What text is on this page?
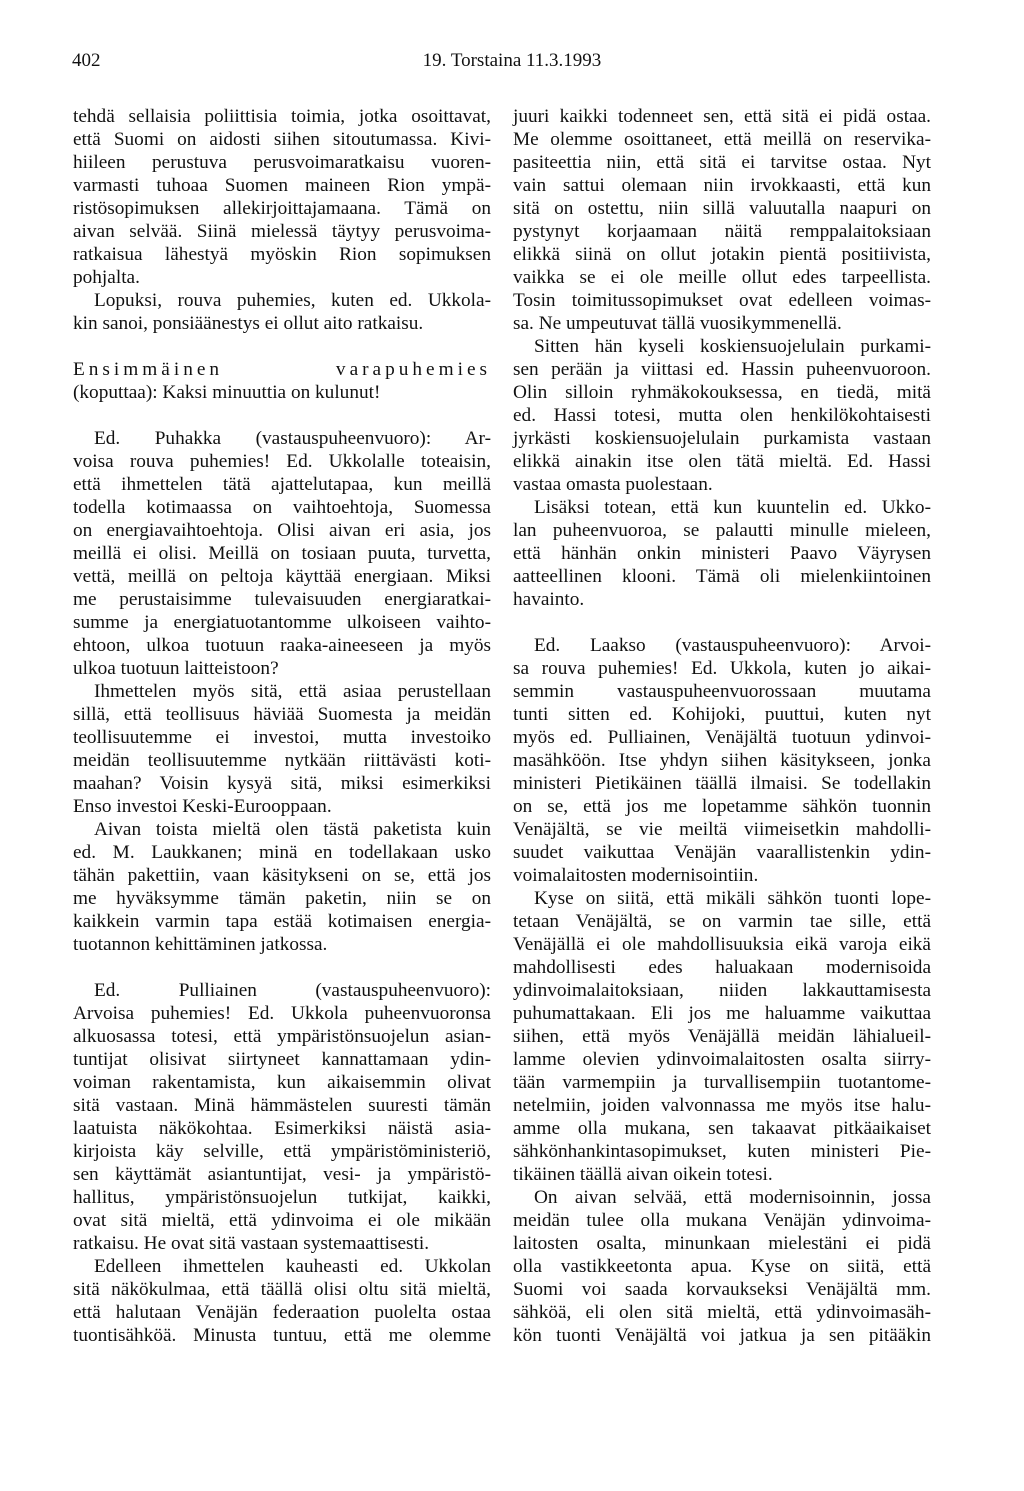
402	19. Torstaina 11.3.1993
tehdä sellaisia poliittisia toimia, jotka osoittavat,
että Suomi on aidosti siihen sitoutumassa. Kivi-
hiileen perustuva perusvoimaratkaisu vuoren-
varmasti tuhoaa Suomen maineen Rion ympä-
ristösopimuksen allekirjoittajamaana. Tämä on
aivan selvää. Siinä mielessä täytyy perusvoima-
ratkaisua lähestyä myöskin Rion sopimuksen
pohjalta.
Lopuksi, rouva puhemies, kuten ed. Ukkola-
kin sanoi, ponsiäänestys ei ollut aito ratkaisu.
Ensimmäinen varapuhemies
(koputtaa): Kaksi minuuttia on kulunut!
Ed. Puhakka (vastauspuheenvuoro): Ar-
voisa rouva puhemies! Ed. Ukkolalle toteaisin,
että ihmettelen tätä ajattelutapaa, kun meillä
todella kotimaassa on vaihtoehtoja, Suomessa
on energiavaihtoehtoja. Olisi aivan eri asia, jos
meillä ei olisi. Meillä on tosiaan puuta, turvetta,
vettä, meillä on peltoja käyttää energiaan. Miksi
me perustaisimme tulevaisuuden energiaratkai-
summe ja energiatuotantomme ulkoiseen vaihto-
ehtoon, ulkoa tuotuun raaka-aineeseen ja myös
ulkoa tuotuun laitteistoon?
Ihmettelen myös sitä, että asiaa perustellaan
sillä, että teollisuus häviää Suomesta ja meidän
teollisuutemme ei investoi, mutta investoiko
meidän teollisuutemme nytkään riittävästi koti-
maahan? Voisin kysyä sitä, miksi esimerkiksi
Enso investoi Keski-Eurooppaan.
Aivan toista mieltä olen tästä paketista kuin
ed. M. Laukkanen; minä en todellakaan usko
tähän pakettiin, vaan käsitykseni on se, että jos
me hyväksymme tämän paketin, niin se on
kaikkein varmin tapa estää kotimaisen energia-
tuotannon kehittäminen jatkossa.
Ed. Pulliainen (vastauspuheenvuoro):
Arvoisa puhemies! Ed. Ukkola puheenvuoronsa
alkuosassa totesi, että ympäristönsuojelun asian-
tuntijat olisivat siirtyneet kannattamaan ydin-
voiman rakentamista, kun aikaisemmin olivat
sitä vastaan. Minä hämmästelen suuresti tämän
laatuista näkökohtaa. Esimerkiksi näistä asia-
kirjoista käy selville, että ympäristöministeriö,
sen käyttämät asiantuntijat, vesi- ja ympäristö-
hallitus, ympäristönsuojelun tutkijat, kaikki,
ovat sitä mieltä, että ydinvoima ei ole mikään
ratkaisu. He ovat sitä vastaan systemaattisesti.
Edelleen ihmettelen kauheasti ed. Ukkolan
sitä näkökulmaa, että täällä olisi oltu sitä mieltä,
että halutaan Venäjän federaation puolelta ostaa
tuontisähköä. Minusta tuntuu, että me olemme
juuri kaikki todenneet sen, että sitä ei pidä ostaa.
Me olemme osoittaneet, että meillä on reservika-
pasiteettia niin, että sitä ei tarvitse ostaa. Nyt
vain sattui olemaan niin irvokkaasti, että kun
sitä on ostettu, niin sillä valuutalla naapuri on
pystynyt korjaamaan näitä remppalaitoksiaan
elikkä siinä on ollut jotakin pientä positiivista,
vaikka se ei ole meille ollut edes tarpeellista.
Tosin toimitussopimukset ovat edelleen voimas-
sa. Ne umpeutuvat tällä vuosikymmenellä.
Sitten hän kyseli koskiensuojelulain purkami-
sen perään ja viittasi ed. Hassin puheenvuoroon.
Olin silloin ryhmäkokouksessa, en tiedä, mitä
ed. Hassi totesi, mutta olen henkilökohtaisesti
jyrkästi koskiensuojelulain purkamista vastaan
elikkä ainakin itse olen tätä mieltä. Ed. Hassi
vastaa omasta puolestaan.
Lisäksi totean, että kun kuuntelin ed. Ukko-
lan puheenvuoroa, se palautti minulle mieleen,
että hänhän onkin ministeri Paavo Väyrysen
aatteellinen klooni. Tämä oli mielenkiintoinen
havainto.
Ed. Laakso (vastauspuheenvuoro): Arvoi-
sa rouva puhemies! Ed. Ukkola, kuten jo aikai-
semmin vastauspuheenvuorossaan muutama
tunti sitten ed. Kohijoki, puuttui, kuten nyt
myös ed. Pulliainen, Venäjältä tuotuun ydinvoi-
masähköön. Itse yhdyn siihen käsitykseen, jonka
ministeri Pietikäinen täällä ilmaisi. Se todellakin
on se, että jos me lopetamme sähkön tuonnin
Venäjältä, se vie meiltä viimeisetkin mahdolli-
suudet vaikuttaa Venäjän vaarallistenkin ydin-
voimalaitosten modernisointiin.
Kyse on siitä, että mikäli sähkön tuonti lope-
tetaan Venäjältä, se on varmin tae sille, että
Venäjällä ei ole mahdollisuuksia eikä varoja eikä
mahdollisesti edes haluakaan modernisoida
ydinvoimalaitoksiaan, niiden lakkauttamisesta
puhumattakaan. Eli jos me haluamme vaikuttaa
siihen, että myös Venäjällä meidän lähialueil-
lamme olevien ydinvoimalaitosten osalta siirry-
tään varmempiin ja turvallisempiin tuotantome-
netelmiin, joiden valvonnassa me myös itse halu-
amme olla mukana, sen takaavat pitkäaikaiset
sähkönhankintasopimukset, kuten ministeri Pie-
tikäinen täällä aivan oikein totesi.
On aivan selvää, että modernisoinnin, jossa
meidän tulee olla mukana Venäjän ydinvoima-
laitosten osalta, minunkaan mielestäni ei pidä
olla vastikkeetonta apua. Kyse on siitä, että
Suomi voi saada korvaukseksi Venäjältä mm.
sähköä, eli olen sitä mieltä, että ydinvoimasäh-
kön tuonti Venäjältä voi jatkua ja sen pitääkin
